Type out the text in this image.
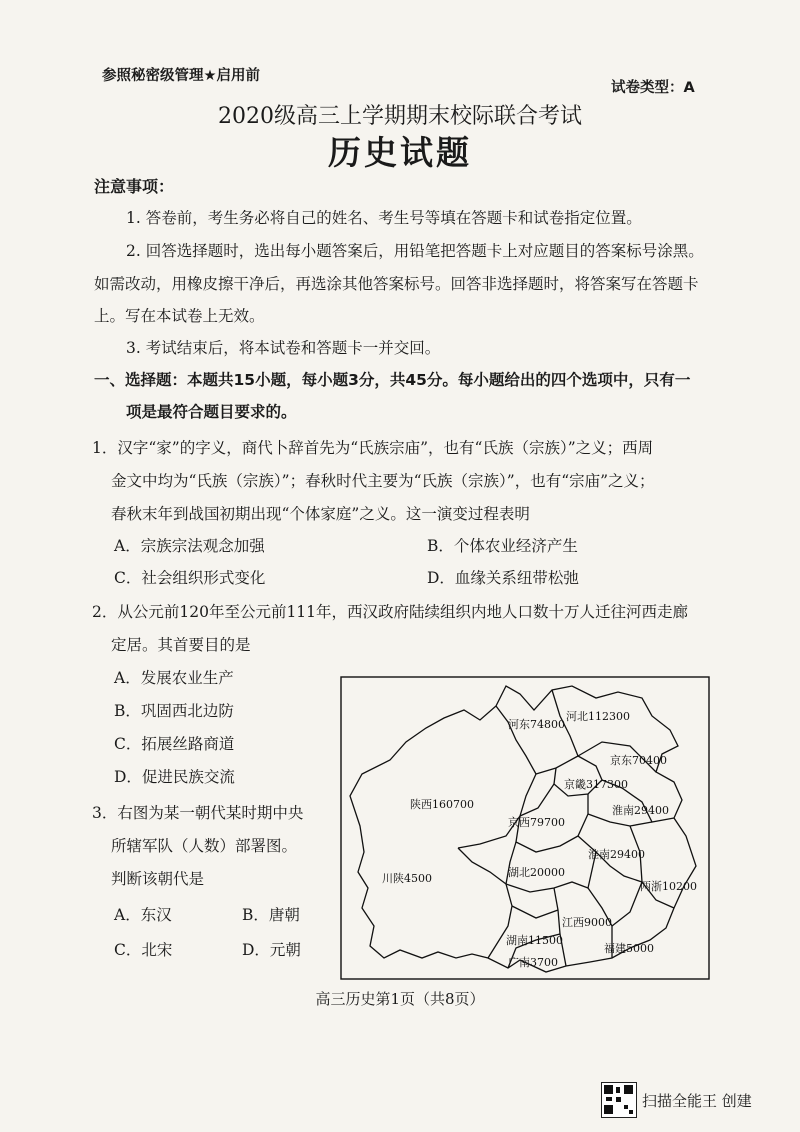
参照秘密级管理★启用前
试卷类型：A
2020级高三上学期期末校际联合考试
历史试题
注意事项：
1. 答卷前，考生务必将自己的姓名、考生号等填在答题卡和试卷指定位置。
2. 回答选择题时，选出每小题答案后，用铅笔把答题卡上对应题目的答案标号涂黑。
如需改动，用橡皮擦干净后，再选涂其他答案标号。回答非选择题时，将答案写在答题卡
上。写在本试卷上无效。
3. 考试结束后，将本试卷和答题卡一并交回。
一、选择题：本题共15小题，每小题3分，共45分。每小题给出的四个选项中，只有一
项是最符合题目要求的。
1．汉字“家”的字义，商代卜辞首先为“氏族宗庙”，也有“氏族（宗族）”之义；西周
金文中均为“氏族（宗族）”；春秋时代主要为“氏族（宗族）”，也有“宗庙”之义；
春秋末年到战国初期出现“个体家庭”之义。这一演变过程表明
A．宗族宗法观念加强	B．个体农业经济产生
C．社会组织形式变化	D．血缘关系纽带松弛
2．从公元前120年至公元前111年，西汉政府陆续组织内地人口数十万人迁往河西走廊
定居。其首要目的是
A．发展农业生产
B．巩固西北边防
C．拓展丝路商道
D．促进民族交流
3．右图为某一朝代某时期中央
所辖军队（人数）部署图。
判断该朝代是
A．东汉	B．唐朝
C．北宋	D．元朝
河东74800
河北112300
陕西160700
京东70400
京畿317300
淮南29400
京西79700
淮南29400
川陕4500	湖北20000
两浙10200
江西9000
湖南11500
福建5000
广南3700
高三历史第1页（共8页）
扫描全能王 创建
